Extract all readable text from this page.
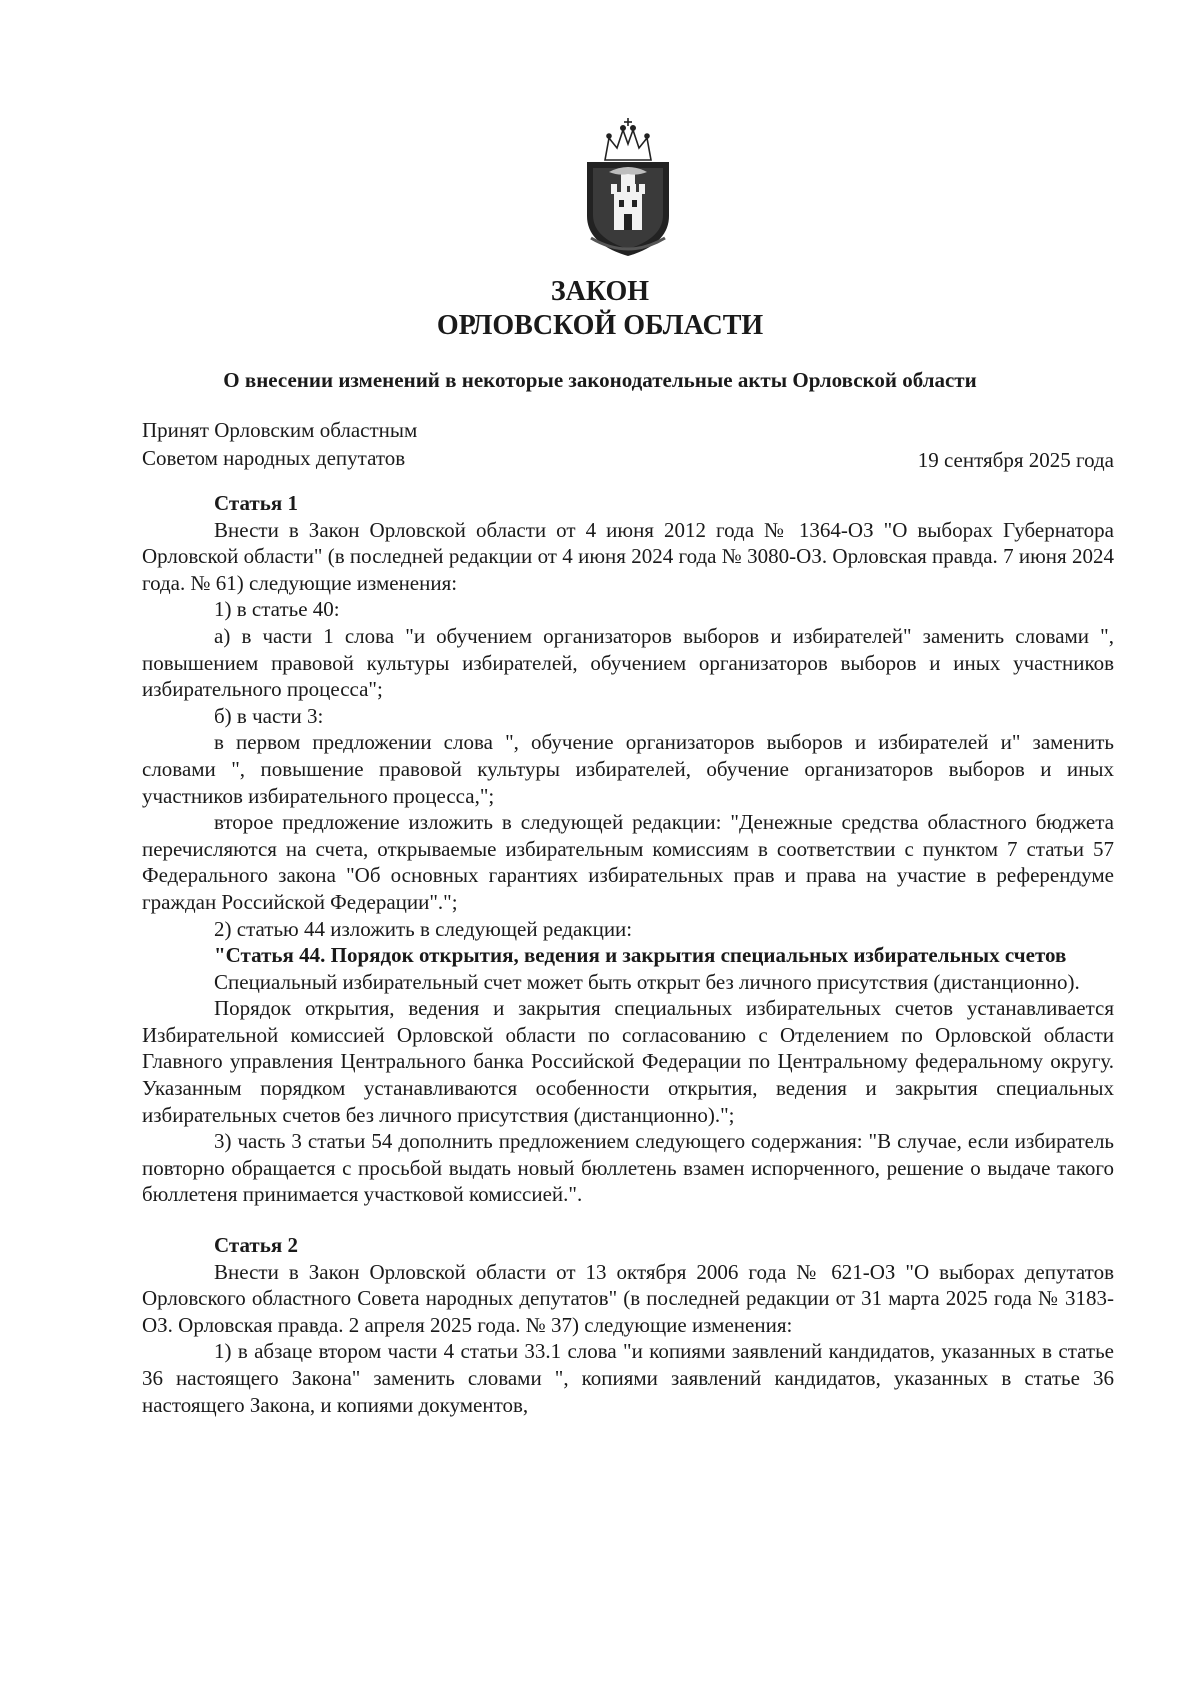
ЗАКОН
ОРЛОВСКОЙ ОБЛАСТИ
О внесении изменений в некоторые законодательные акты Орловской области
Принят Орловским областным
Советом народных депутатов	19 сентября 2025 года

Статья 1

Внести в Закон Орловской области от 4 июня 2012 года № 1364-ОЗ "О выборах Губернатора Орловской области" (в последней редакции от 4 июня 2024 года № 3080-ОЗ. Орловская правда. 7 июня 2024 года. № 61) следующие изменения:

1) в статье 40:

а) в части 1 слова "и обучением организаторов выборов и избирателей" заменить словами ", повышением правовой культуры избирателей, обучением организаторов выборов и иных участников избирательного процесса";

б) в части 3:

в первом предложении слова ", обучение организаторов выборов и избирателей и" заменить словами ", повышение правовой культуры избирателей, обучение организаторов выборов и иных участников избирательного процесса,";

второе предложение изложить в следующей редакции: "Денежные средства областного бюджета перечисляются на счета, открываемые избирательным комиссиям в соответствии с пунктом 7 статьи 57 Федерального закона "Об основных гарантиях избирательных прав и права на участие в референдуме граждан Российской Федерации".";

2) статью 44 изложить в следующей редакции:

"Статья 44. Порядок открытия, ведения и закрытия специальных избирательных счетов

Специальный избирательный счет может быть открыт без личного присутствия (дистанционно).

Порядок открытия, ведения и закрытия специальных избирательных счетов устанавливается Избирательной комиссией Орловской области по согласованию с Отделением по Орловской области Главного управления Центрального банка Российской Федерации по Центральному федеральному округу. Указанным порядком устанавливаются особенности открытия, ведения и закрытия специальных избирательных счетов без личного присутствия (дистанционно).";

3) часть 3 статьи 54 дополнить предложением следующего содержания: "В случае, если избиратель повторно обращается с просьбой выдать новый бюллетень взамен испорченного, решение о выдаче такого бюллетеня принимается участковой комиссией.".

Статья 2

Внести в Закон Орловской области от 13 октября 2006 года № 621-ОЗ "О выборах депутатов Орловского областного Совета народных депутатов" (в последней редакции от 31 марта 2025 года № 3183-ОЗ. Орловская правда. 2 апреля 2025 года. № 37) следующие изменения:

1) в абзаце втором части 4 статьи 33.1 слова "и копиями заявлений кандидатов, указанных в статье 36 настоящего Закона" заменить словами ", копиями заявлений кандидатов, указанных в статье 36 настоящего Закона, и копиями документов,
